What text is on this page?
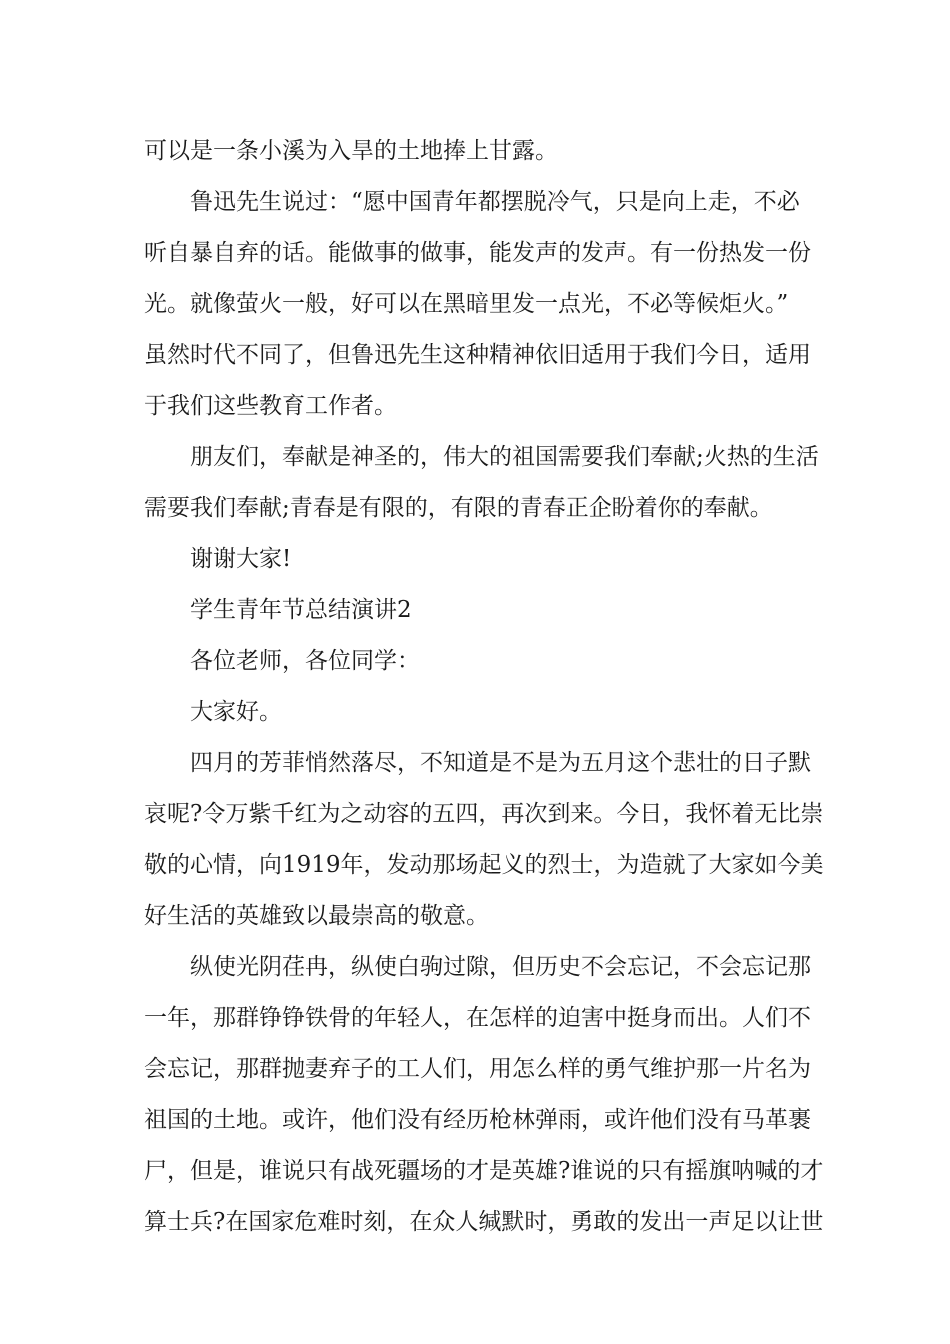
可以是一条小溪为入旱的土地捧上甘露。
鲁迅先生说过：“愿中国青年都摆脱冷气，只是向上走，不必
听自暴自弃的话。能做事的做事，能发声的发声。有一份热发一份
光。就像萤火一般，好可以在黑暗里发一点光，不必等候炬火。”
虽然时代不同了，但鲁迅先生这种精神依旧适用于我们今日，适用
于我们这些教育工作者。
朋友们，奉献是神圣的，伟大的祖国需要我们奉献;火热的生活
需要我们奉献;青春是有限的，有限的青春正企盼着你的奉献。
谢谢大家!
学生青年节总结演讲2
各位老师，各位同学：
大家好。
四月的芳菲悄然落尽，不知道是不是为五月这个悲壮的日子默
哀呢?令万紫千红为之动容的五四，再次到来。今日，我怀着无比崇
敬的心情，向1919年，发动那场起义的烈士，为造就了大家如今美
好生活的英雄致以最崇高的敬意。
纵使光阴荏冉，纵使白驹过隙，但历史不会忘记，不会忘记那
一年，那群铮铮铁骨的年轻人，在怎样的迫害中挺身而出。人们不
会忘记，那群抛妻弃子的工人们，用怎么样的勇气维护那一片名为
祖国的土地。或许，他们没有经历枪林弹雨，或许他们没有马革裹
尸，但是，谁说只有战死疆场的才是英雄?谁说的只有摇旗呐喊的才
算士兵?在国家危难时刻，在众人缄默时，勇敢的发出一声足以让世
